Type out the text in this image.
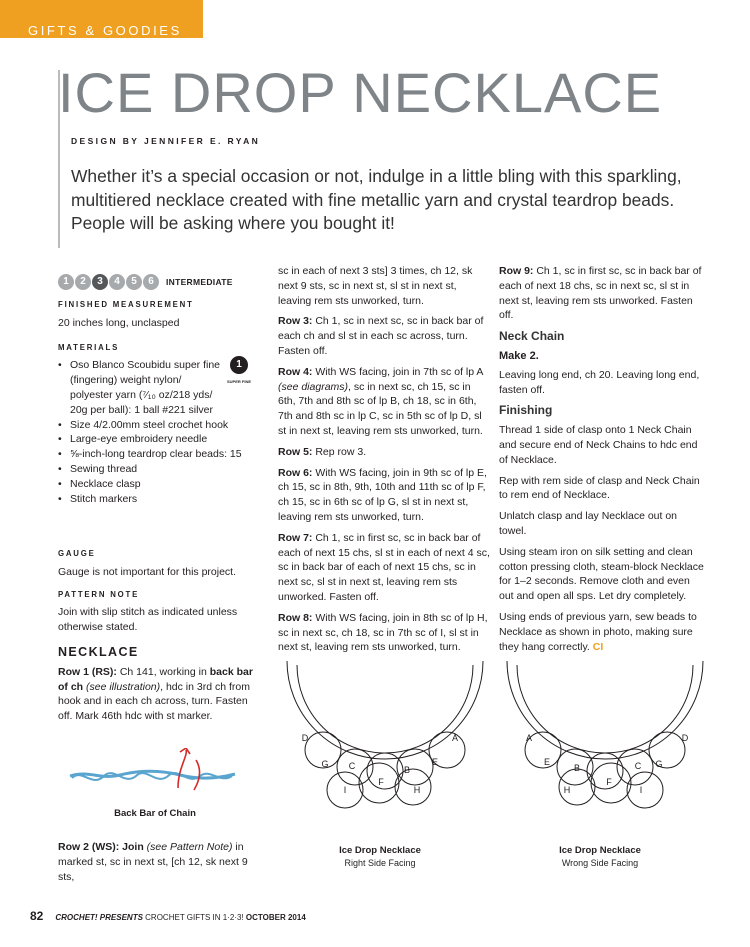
GIFTS & GOODIES
ICE DROP NECKLACE
DESIGN BY JENNIFER E. RYAN

Whether it’s a special occasion or not, indulge in a little bling with this sparkling, multitiered necklace created with fine metallic yarn and crystal teardrop beads. People will be asking where you bought it!

1	2	3	4	5	6	INTERMEDIATE
FINISHED MEASUREMENT

20 inches long, unclasped

MATERIALS
1
SUPER FINE
• Oso Blanco Scoubidu super fine (fingering) weight nylon/ polyester yarn (⁷⁄₁₀ oz/218 yds/ 20g per ball): 1 ball #221 silver
• Size 4/2.00mm steel crochet hook
• Large-eye embroidery needle
• ⅝-inch-long teardrop clear beads: 15
• Sewing thread
• Necklace clasp
• Stitch markers
GAUGE

Gauge is not important for this project.

PATTERN NOTE

Join with slip stitch as indicated unless otherwise stated.

NECKLACE

Row 1 (RS): Ch 141, working in back bar of ch (see illustration), hdc in 3rd ch from hook and in each ch across, turn. Fasten off. Mark 46th hdc with st marker.

Back Bar of Chain

Row 2 (WS): Join (see Pattern Note) in marked st, sc in next st, [ch 12, sk next 9 sts,

sc in each of next 3 sts] 3 times, ch 12, sk next 9 sts, sc in next st, sl st in next st, leaving rem sts unworked, turn.

Row 3: Ch 1, sc in next sc, sc in back bar of each ch and sl st in each sc across, turn. Fasten off.

Row 4: With WS facing, join in 7th sc of lp A (see diagrams), sc in next sc, ch 15, sc in 6th, 7th and 8th sc of lp B, ch 18, sc in 6th, 7th and 8th sc in lp C, sc in 5th sc of lp D, sl st in next st, leaving rem sts unworked, turn.

Row 5: Rep row 3.

Row 6: With WS facing, join in 9th sc of lp E, ch 15, sc in 8th, 9th, 10th and 11th sc of lp F, ch 15, sc in 6th sc of lp G, sl st in next st, leaving rem sts unworked, turn.

Row 7: Ch 1, sc in first sc, sc in back bar of each of next 15 chs, sl st in each of next 4 sc, sc in back bar of each of next 15 chs, sc in next sc, sl st in next st, leaving rem sts unworked. Fasten off.

Row 8: With WS facing, join in 8th sc of lp H, sc in next sc, ch 18, sc in 7th sc of I, sl st in next st, leaving rem sts unworked, turn.

Row 9: Ch 1, sc in first sc, sc in back bar of each of next 18 chs, sc in next sc, sl st in next st, leaving rem sts unworked. Fasten off.

Neck Chain
Make 2.

Leaving long end, ch 20. Leaving long end, fasten off.

Finishing

Thread 1 side of clasp onto 1 Neck Chain and secure end of Neck Chains to hdc end of Necklace.

Rep with rem side of clasp and Neck Chain to rem end of Necklace.

Unlatch clasp and lay Necklace out on towel.

Using steam iron on silk setting and clean cotton pressing cloth, steam-block Necklace for 1–2 seconds. Remove cloth and even out and open all sps. Let dry completely.

Using ends of previous yarn, sew beads to Necklace as shown in photo, making sure they hang correctly. CI

D
G C	B
E
A
F
I	H
Ice Drop Necklace
Right Side Facing
A
E
B	C G
D
F
H	I
Ice Drop Necklace
Wrong Side Facing
82 CROCHET! PRESENTS CROCHET GIFTS IN 1·2·3! OCTOBER 2014
